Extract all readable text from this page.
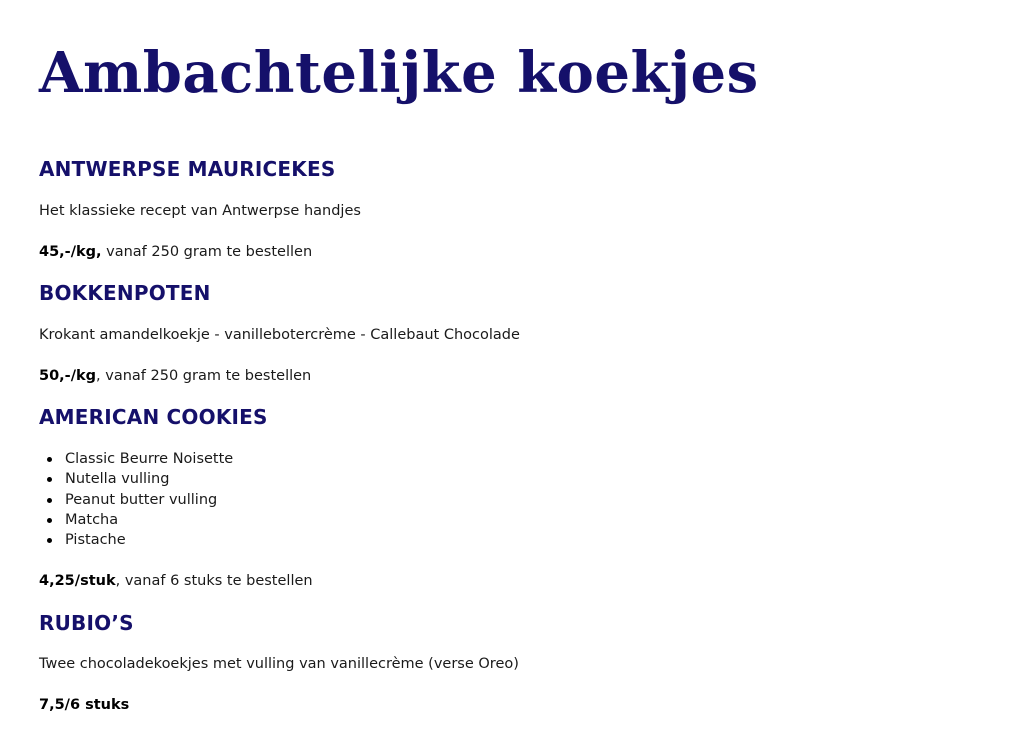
Ambachtelijke koekjes
ANTWERPSE MAURICEKES

Het klassieke recept van Antwerpse handjes

45,-/kg, vanaf 250 gram te bestellen

BOKKENPOTEN

Krokant amandelkoekje - vanillebotercrème - Callebaut Chocolade

50,-/kg, vanaf 250 gram te bestellen

AMERICAN COOKIES
Classic Beurre Noisette
Nutella vulling
Peanut butter vulling
Matcha
Pistache

4,25/stuk, vanaf 6 stuks te bestellen

RUBIO’S

Twee chocoladekoekjes met vulling van vanillecrème (verse Oreo)

7,5/6 stuks
